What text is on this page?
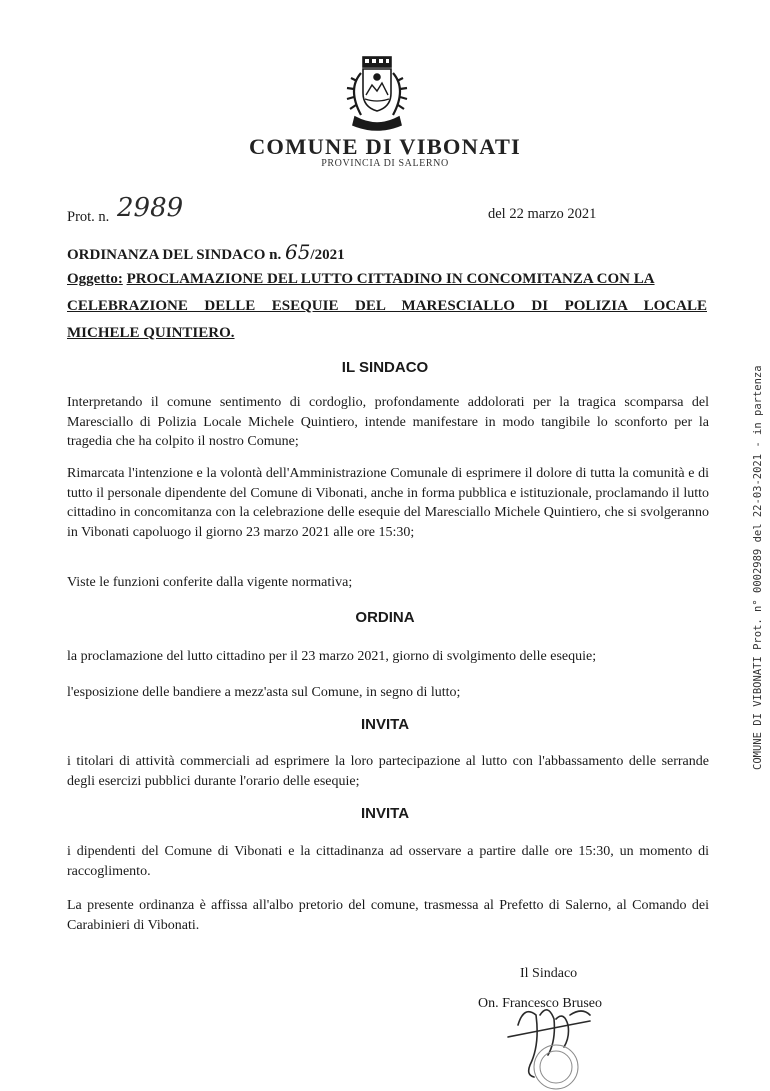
COMUNE DI VIBONATI
PROVINCIA DI SALERNO
Prot. n. 2989	del 22 marzo 2021
ORDINANZA DEL SINDACO n. 65/2021
Oggetto: PROCLAMAZIONE DEL LUTTO CITTADINO IN CONCOMITANZA CON LA
CELEBRAZIONE DELLE ESEQUIE DEL MARESCIALLO DI POLIZIA LOCALE
MICHELE QUINTIERO.
IL SINDACO
Interpretando il comune sentimento di cordoglio, profondamente addolorati per la tragica scomparsa del Maresciallo di Polizia Locale Michele Quintiero, intende manifestare in modo tangibile lo sconforto per la tragedia che ha colpito il nostro Comune;
Rimarcata l'intenzione e la volontà dell'Amministrazione Comunale di esprimere il dolore di tutta la comunità e di tutto il personale dipendente del Comune di Vibonati, anche in forma pubblica e istituzionale, proclamando il lutto cittadino in concomitanza con la celebrazione delle esequie del Maresciallo Michele Quintiero, che si svolgeranno in Vibonati capoluogo il giorno 23 marzo 2021 alle ore 15:30;
Viste le funzioni conferite dalla vigente normativa;
ORDINA
la proclamazione del lutto cittadino per il 23 marzo 2021, giorno di svolgimento delle esequie;
l'esposizione delle bandiere a mezz'asta sul Comune, in segno di lutto;
INVITA
i titolari di attività commerciali ad esprimere la loro partecipazione al lutto con l'abbassamento delle serrande degli esercizi pubblici durante l'orario delle esequie;
INVITA
i dipendenti del Comune di Vibonati e la cittadinanza ad osservare a partire dalle ore 15:30, un momento di raccoglimento.
La presente ordinanza è affissa all'albo pretorio del comune, trasmessa al Prefetto di Salerno, al Comando dei Carabinieri di Vibonati.
Il Sindaco
On. Francesco Bruseo
COMUNE DI VIBONATI Prot. n° 0002989 del 22-03-2021 - in partenza
